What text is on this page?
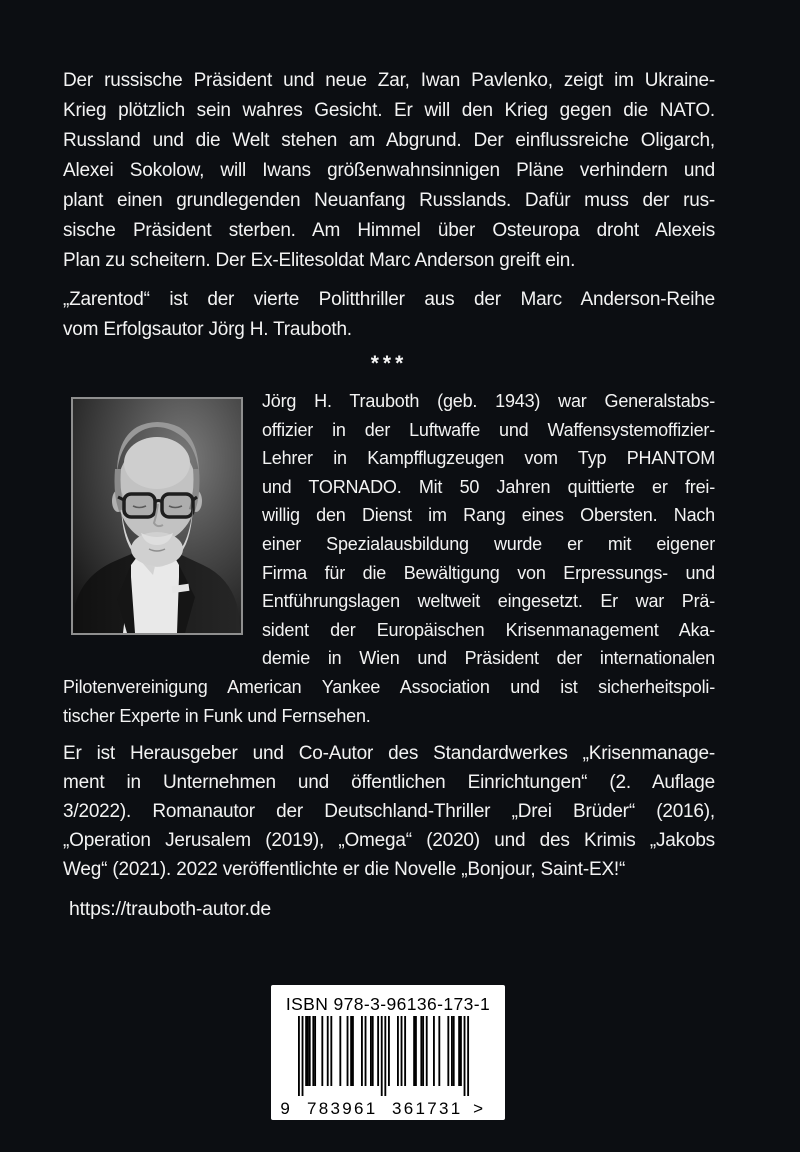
Der russische Präsident und neue Zar, Iwan Pavlenko, zeigt im Ukraine-
Krieg plötzlich sein wahres Gesicht. Er will den Krieg gegen die NATO.
Russland und die Welt stehen am Abgrund. Der einflussreiche Oligarch,
Alexei Sokolow, will Iwans größenwahnsinnigen Pläne verhindern und
plant einen grundlegenden Neuanfang Russlands. Dafür muss der rus-
sische Präsident sterben. Am Himmel über Osteuropa droht Alexeis
Plan zu scheitern. Der Ex-Elitesoldat Marc Anderson greift ein.
„Zarentod“ ist der vierte Politthriller aus der Marc Anderson-Reihe
vom Erfolgsautor Jörg H. Trauboth.
***
Jörg H. Trauboth (geb. 1943) war Generalstabs-
offizier in der Luftwaffe und Waffensystemoffizier-
Lehrer in Kampfflugzeugen vom Typ PHANTOM
und TORNADO. Mit 50 Jahren quittierte er frei-
willig den Dienst im Rang eines Obersten. Nach
einer Spezialausbildung wurde er mit eigener
Firma für die Bewältigung von Erpressungs- und
Entführungslagen weltweit eingesetzt. Er war Prä-
sident der Europäischen Krisenmanagement Aka-
demie in Wien und Präsident der internationalen
Pilotenvereinigung American Yankee Association und ist sicherheitspoli-
tischer Experte in Funk und Fernsehen.
Er ist Herausgeber und Co-Autor des Standardwerkes „Krisenmanage-
ment in Unternehmen und öffentlichen Einrichtungen“ (2. Auflage
3/2022). Romanautor der Deutschland-Thriller „Drei Brüder“ (2016),
„Operation Jerusalem (2019), „Omega“ (2020) und des Krimis „Jakobs
Weg“ (2021). 2022 veröffentlichte er die Novelle „Bonjour, Saint-EX!“
https://trauboth-autor.de
ISBN 978-3-96136-173-1
9 783961 361731 >
